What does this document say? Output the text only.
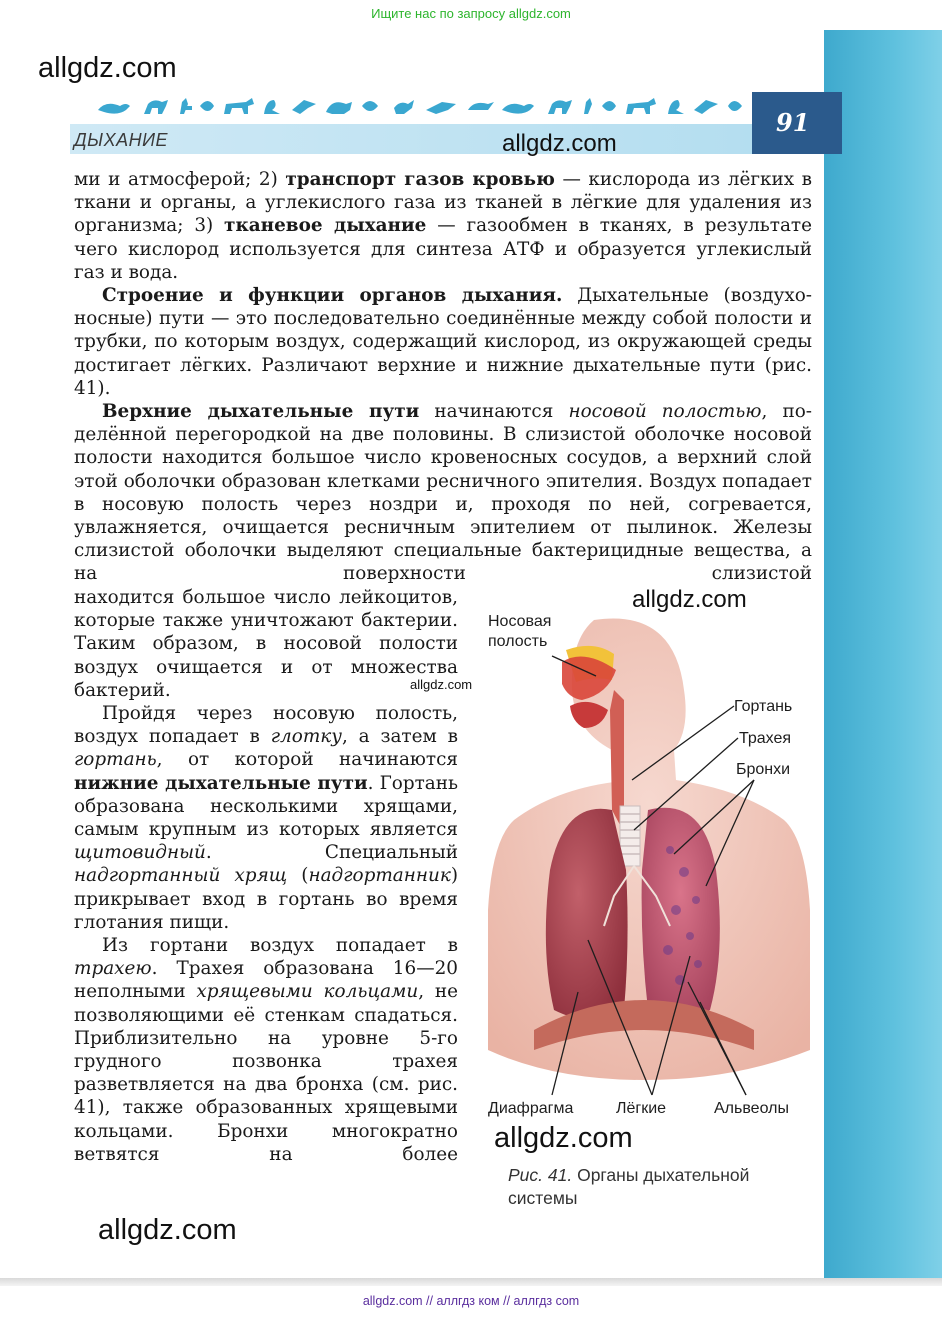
Ищите нас по запросу allgdz.com
allgdz.com
ДЫХАНИЕ
91
allgdz.com

ми и атмосферой; 2) транспорт газов кровью — кислорода из лёгких в ткани и органы, а углекислого газа из тканей в лёгкие для удаления из организма; 3) тканевое дыхание — газообмен в тканях, в результате чего кислород используется для синтеза АТФ и образуется углекислый газ и вода.

Строение и функции органов дыхания. Дыхательные (воздухоносные) пути — это последовательно соединённые между собой полости и трубки, по которым воздух, содержащий кислород, из окружающей среды достигает лёгких. Различают верхние и нижние дыхательные пути (рис. 41).

Верхние дыхательные пути начинаются носовой полостью, поделённой перегородкой на две половины. В слизистой оболочке носовой полости находится большое число кровеносных сосудов, а верхний слой этой оболочки образован клетками ресничного эпителия. Воздух попадает в носовую полость через ноздри и, проходя по ней, согревается, увлажняется, очищается ресничным эпителием от пылинок. Железы слизистой оболочки выделяют специальные бактерицидные вещества, а на поверхности слизистой

находится большое число лейкоцитов, которые также уничтожают бактерии. Таким образом, в носовой полости воздух очищается и от множества бактерий.

Пройдя через носовую полость, воздух попадает в глотку, а затем в гортань, от которой начинаются нижние дыхательные пути. Гортань образована несколькими хрящами, самым крупным из которых является щитовидный. Специальный надгортанный хрящ (надгортанник) прикрывает вход в гортань во время глотания пищи.

Из гортани воздух попадает в трахею. Трахея образована 16—20 неполными хрящевыми кольцами, не позволяющими её стенкам спадаться. Приблизительно на уровне 5-го грудного позвонка трахея разветвляется на два бронха (см. рис. 41), также образованных хрящевыми кольцами. Бронхи многократно ветвятся на более

allgdz.com
allgdz.com
Носовая
полость
Гортань
Трахея
Бронхи
Диафрагма	Лёгкие	Альвеолы
allgdz.com
Рис. 41. Органы дыхательной системы
allgdz.com
allgdz.com // аллгдз ком // аллгдз com
